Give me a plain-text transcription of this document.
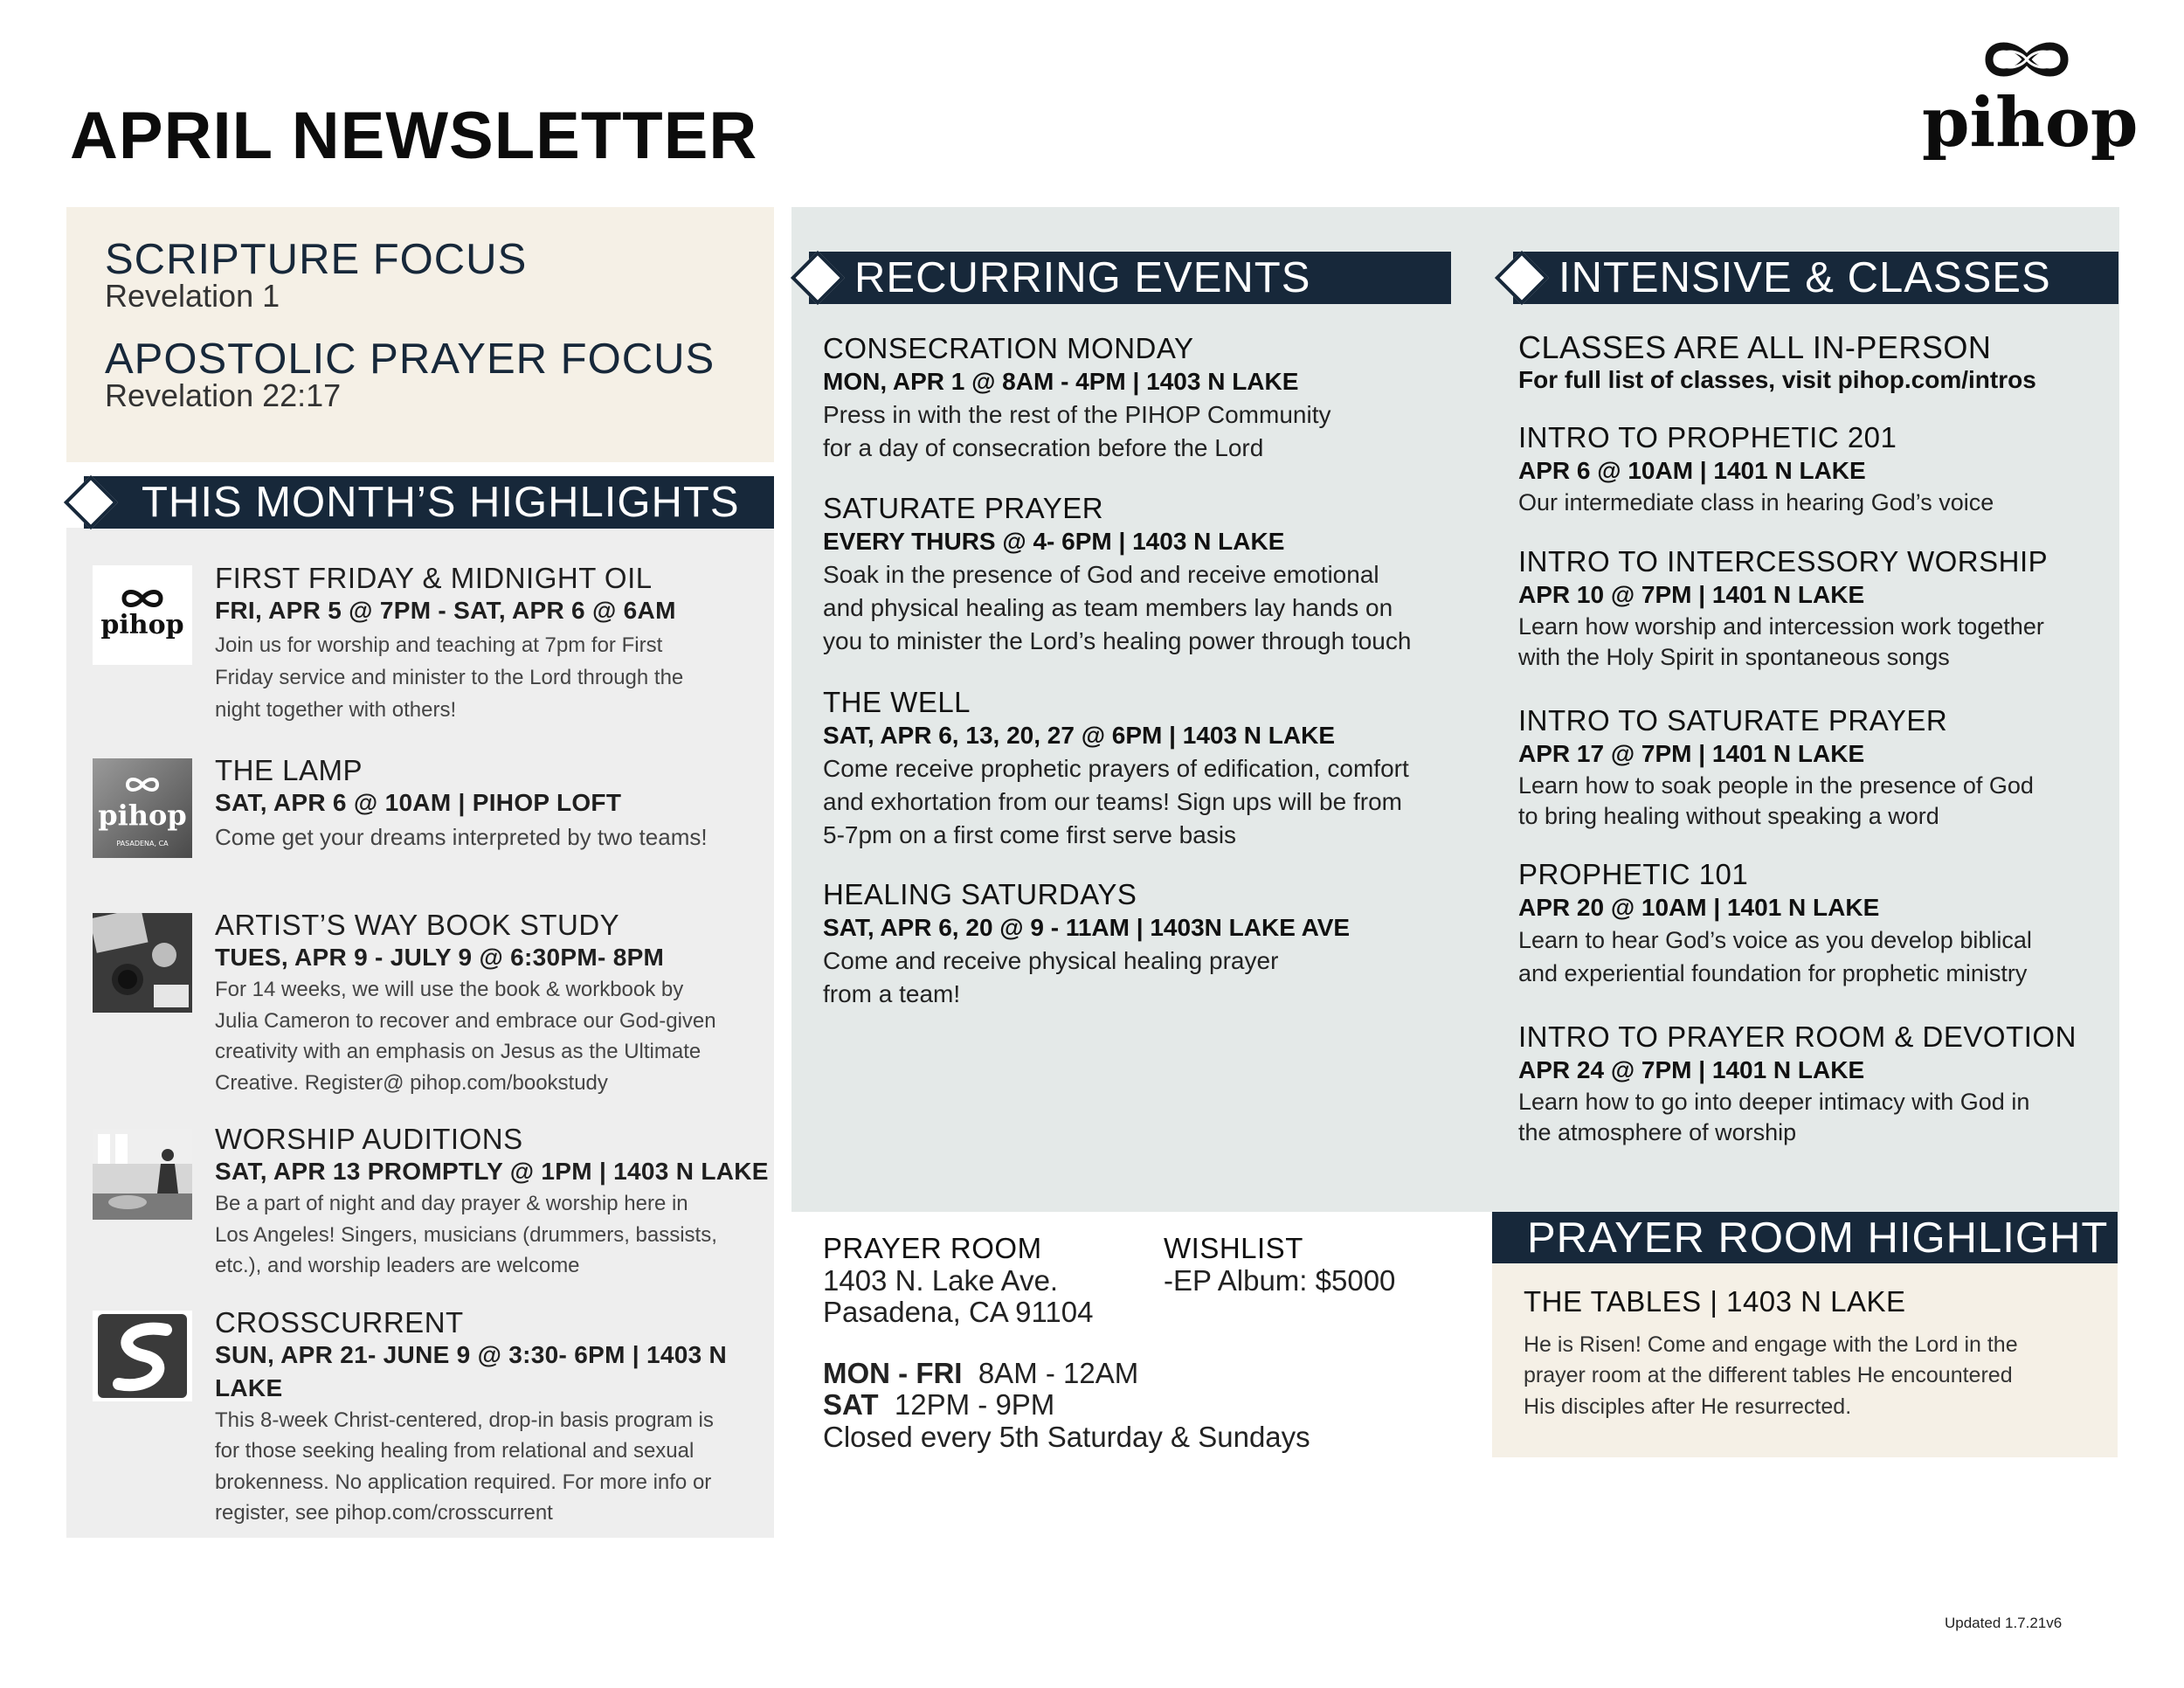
APRIL NEWSLETTER	pihop
SCRIPTURE FOCUS
Revelation 1
APOSTOLIC PRAYER FOCUS
Revelation 22:17
THIS MONTH’S HIGHLIGHTS
pihop
pihop
PASADENA, CA
FIRST FRIDAY & MIDNIGHT OIL
FRI, APR 5 @ 7PM - SAT, APR 6 @ 6AM
Join us for worship and teaching at 7pm for First
Friday service and minister to the Lord through the
night together with others!
THE LAMP
SAT, APR 6 @ 10AM | PIHOP LOFT
Come get your dreams interpreted by two teams!
ARTIST’S WAY BOOK STUDY
TUES, APR 9 - JULY 9 @ 6:30PM- 8PM
For 14 weeks, we will use the book & workbook by
Julia Cameron to recover and embrace our God-given
creativity with an emphasis on Jesus as the Ultimate
Creative. Register@ pihop.com/bookstudy
WORSHIP AUDITIONS
SAT, APR 13 PROMPTLY @ 1PM | 1403 N LAKE
Be a part of night and day prayer & worship here in
Los Angeles! Singers, musicians (drummers, bassists,
etc.), and worship leaders are welcome
CROSSCURRENT
SUN, APR 21- JUNE 9 @ 3:30- 6PM | 1403 N LAKE
This 8-week Christ-centered, drop-in basis program is
for those seeking healing from relational and sexual
brokenness. No application required. For more info or
register, see pihop.com/crosscurrent
RECURRING EVENTS
CONSECRATION MONDAY
MON, APR 1 @ 8AM - 4PM | 1403 N LAKE
Press in with the rest of the PIHOP Community
for a day of consecration before the Lord
SATURATE PRAYER
EVERY THURS @ 4- 6PM | 1403 N LAKE
Soak in the presence of God and receive emotional
and physical healing as team members lay hands on
you to minister the Lord’s healing power through touch
THE WELL
SAT, APR 6, 13, 20, 27 @ 6PM | 1403 N LAKE
Come receive prophetic prayers of edification, comfort
and exhortation from our teams! Sign ups will be from
5-7pm on a first come first serve basis
HEALING SATURDAYS
SAT, APR 6, 20 @ 9 - 11AM | 1403N LAKE AVE
Come and receive physical healing prayer
from a team!
INTENSIVE & CLASSES
CLASSES ARE ALL IN-PERSON
For full list of classes, visit pihop.com/intros
INTRO TO PROPHETIC 201
APR 6 @ 10AM | 1401 N LAKE
Our intermediate class in hearing God’s voice
INTRO TO INTERCESSORY WORSHIP
APR 10 @ 7PM | 1401 N LAKE
Learn how worship and intercession work together
with the Holy Spirit in spontaneous songs
INTRO TO SATURATE PRAYER
APR 17 @ 7PM | 1401 N LAKE
Learn how to soak people in the presence of God
to bring healing without speaking a word
PROPHETIC 101
APR 20 @ 10AM | 1401 N LAKE
Learn to hear God’s voice as you develop biblical
and experiential foundation for prophetic ministry
INTRO TO PRAYER ROOM & DEVOTION
APR 24 @ 7PM | 1401 N LAKE
Learn how to go into deeper intimacy with God in
the atmosphere of worship
PRAYER ROOM
1403 N. Lake Ave.
Pasadena, CA 91104
WISHLIST
-EP Album: $5000
MON - FRI 8AM - 12AM
SAT 12PM - 9PM
Closed every 5th Saturday & Sundays
PRAYER ROOM HIGHLIGHT
THE TABLES | 1403 N LAKE
He is Risen! Come and engage with the Lord in the
prayer room at the different tables He encountered
His disciples after He resurrected.
Updated 1.7.21v6
